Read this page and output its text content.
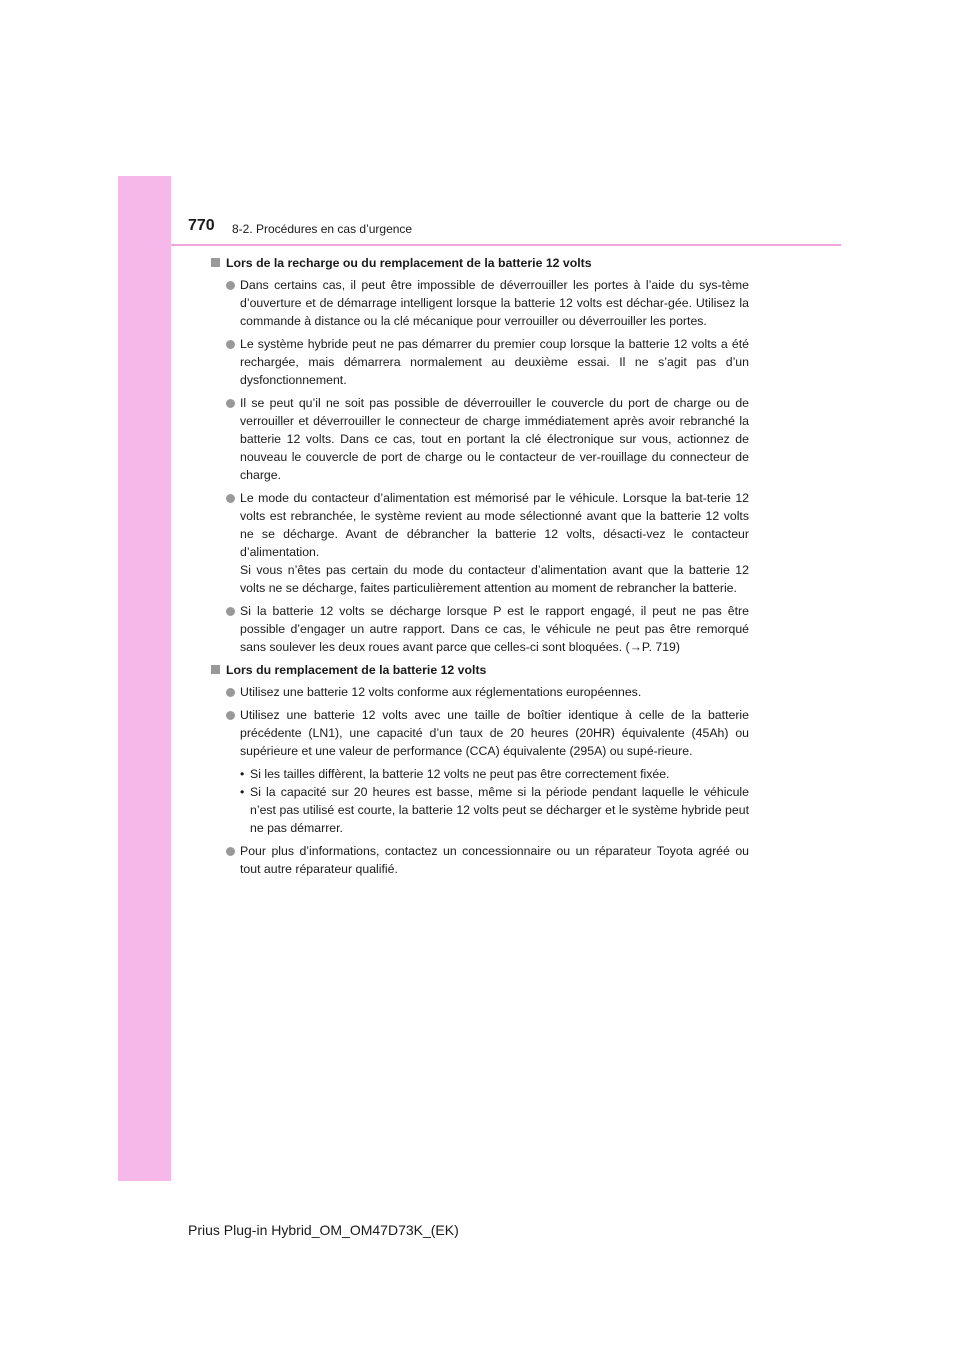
770 8-2. Procédures en cas d’urgence
Lors de la recharge ou du remplacement de la batterie 12 volts

Dans certains cas, il peut être impossible de déverrouiller les portes à l’aide du sys-tème d’ouverture et de démarrage intelligent lorsque la batterie 12 volts est déchar-gée. Utilisez la commande à distance ou la clé mécanique pour verrouiller ou déverrouiller les portes.

Le système hybride peut ne pas démarrer du premier coup lorsque la batterie 12 volts a été rechargée, mais démarrera normalement au deuxième essai. Il ne s’agit pas d’un dysfonctionnement.

Il se peut qu’il ne soit pas possible de déverrouiller le couvercle du port de charge ou de verrouiller et déverrouiller le connecteur de charge immédiatement après avoir rebranché la batterie 12 volts. Dans ce cas, tout en portant la clé électronique sur vous, actionnez de nouveau le couvercle de port de charge ou le contacteur de ver-rouillage du connecteur de charge.

Le mode du contacteur d’alimentation est mémorisé par le véhicule. Lorsque la bat-terie 12 volts est rebranchée, le système revient au mode sélectionné avant que la batterie 12 volts ne se décharge. Avant de débrancher la batterie 12 volts, désacti-vez le contacteur d’alimentation.

Si vous n’êtes pas certain du mode du contacteur d’alimentation avant que la batterie 12 volts ne se décharge, faites particulièrement attention au moment de rebrancher la batterie.

Si la batterie 12 volts se décharge lorsque P est le rapport engagé, il peut ne pas être possible d’engager un autre rapport. Dans ce cas, le véhicule ne peut pas être remorqué sans soulever les deux roues avant parce que celles-ci sont bloquées. (→P. 719)

Lors du remplacement de la batterie 12 volts

Utilisez une batterie 12 volts conforme aux réglementations européennes.

Utilisez une batterie 12 volts avec une taille de boîtier identique à celle de la batterie précédente (LN1), une capacité d’un taux de 20 heures (20HR) équivalente (45Ah) ou supérieure et une valeur de performance (CCA) équivalente (295A) ou supé-rieure.

• Si les tailles diffèrent, la batterie 12 volts ne peut pas être correctement fixée.
• Si la capacité sur 20 heures est basse, même si la période pendant laquelle le véhicule n’est pas utilisé est courte, la batterie 12 volts peut se décharger et le système hybride peut ne pas démarrer.

Pour plus d’informations, contactez un concessionnaire ou un réparateur Toyota agréé ou tout autre réparateur qualifié.

Prius Plug-in Hybrid_OM_OM47D73K_(EK)
